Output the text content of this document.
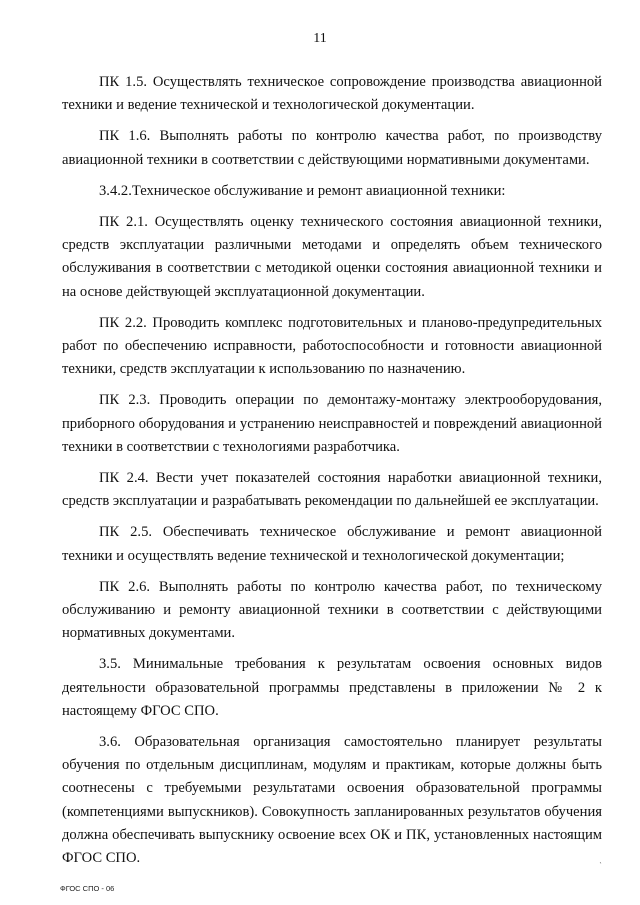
11

ПК 1.5. Осуществлять техническое сопровождение производства авиационной техники и ведение технической и технологической документации.

ПК 1.6. Выполнять работы по контролю качества работ, по производству авиационной техники в соответствии с действующими нормативными документами.

3.4.2.Техническое обслуживание и ремонт авиационной техники:

ПК 2.1. Осуществлять оценку технического состояния авиационной техники, средств эксплуатации различными методами и определять объем технического обслуживания в соответствии с методикой оценки состояния авиационной техники и на основе действующей эксплуатационной документации.

ПК 2.2. Проводить комплекс подготовительных и планово-предупредительных работ по обеспечению исправности, работоспособности и готовности авиационной техники, средств эксплуатации к использованию по назначению.

ПК 2.3. Проводить операции по демонтажу-монтажу электрооборудования, приборного оборудования и устранению неисправностей и повреждений авиационной техники в соответствии с технологиями разработчика.

ПК 2.4. Вести учет показателей состояния наработки авиационной техники, средств эксплуатации и разрабатывать рекомендации по дальнейшей ее эксплуатации.

ПК 2.5. Обеспечивать техническое обслуживание и ремонт авиационной техники и осуществлять ведение технической и технологической документации;

ПК 2.6. Выполнять работы по контролю качества работ, по техническому обслуживанию и ремонту авиационной техники в соответствии с действующими нормативных документами.

3.5. Минимальные требования к результатам освоения основных видов деятельности образовательной программы представлены в приложении № 2 к настоящему ФГОС СПО.

3.6. Образовательная организация самостоятельно планирует результаты обучения по отдельным дисциплинам, модулям и практикам, которые должны быть соотнесены с требуемыми результатами освоения образовательной программы (компетенциями выпускников). Совокупность запланированных результатов обучения должна обеспечивать выпускнику освоение всех ОК и ПК, установленных настоящим ФГОС СПО.	ˎ
ФГОС СПО - 06
